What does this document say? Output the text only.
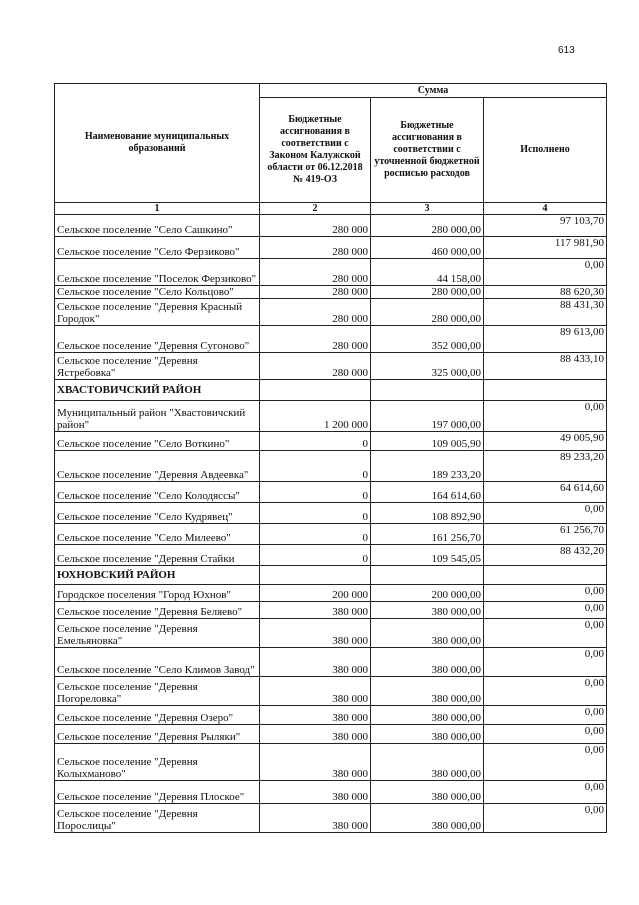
613
Наименование муниципальных образований	Сумма		
	Бюджетные ассигнования в соответствии с Законом Калужской области от 06.12.2018 № 419-ОЗ	Бюджетные ассигнования в соответствии с уточненной бюджетной росписью расходов	Исполнено
1	2	3	4
Сельское поселение "Село Сашкино"	280 000	280 000,00	97 103,70
Сельское поселение "Село Ферзиково"	280 000	460 000,00	117 981,90
Сельское поселение "Поселок Ферзиково"	280 000	44 158,00	0,00
Сельское поселение "Село Кольцово"	280 000	280 000,00	88 620,30
Сельское поселение "Деревня Красный Городок"	280 000	280 000,00	88 431,30
Сельское поселение "Деревня Сугоново"	280 000	352 000,00	89 613,00
Сельское поселение "Деревня Ястребовка"	280 000	325 000,00	88 433,10
ХВАСТОВИЧСКИЙ РАЙОН			
Муниципальный район "Хвастовичский район"	1 200 000	197 000,00	0,00
Сельское поселение "Село Воткино"	0	109 005,90	49 005,90
Сельское поселение "Деревня Авдеевка"	0	189 233,20	89 233,20
Сельское поселение "Село Колодяссы"	0	164 614,60	64 614,60
Сельское поселение "Село Кудрявец"	0	108 892,90	0,00
Сельское поселение "Село Милеево"	0	161 256,70	61 256,70
Сельское поселение "Деревня Стайки	0	109 545,05	88 432,20
ЮХНОВСКИЙ РАЙОН			
Городское поселения "Город Юхнов"	200 000	200 000,00	0,00
Сельское поселение "Деревня Беляево"	380 000	380 000,00	0,00
Сельское поселение "Деревня Емельяновка"	380 000	380 000,00	0,00
Сельское поселение "Село Климов Завод"	380 000	380 000,00	0,00
Сельское поселение "Деревня Погореловка"	380 000	380 000,00	0,00
Сельское поселение "Деревня Озеро"	380 000	380 000,00	0,00
Сельское поселение "Деревня Рыляки"	380 000	380 000,00	0,00
Сельское поселение "Деревня Колыхманово"	380 000	380 000,00	0,00
Сельское поселение "Деревня Плоское"	380 000	380 000,00	0,00
Сельское поселение "Деревня Порослицы"	380 000	380 000,00	0,00
